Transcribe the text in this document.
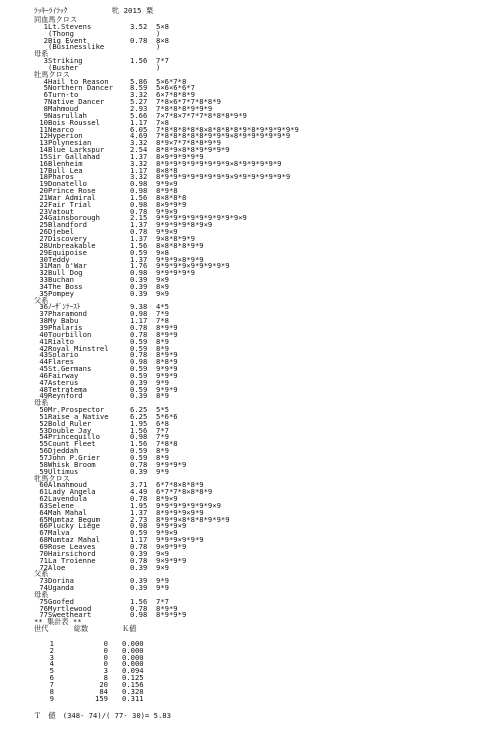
ﾗｯｷｰﾗｲﾗｯｸ	牝 2015 栗
同血馬クロス
1Lt.Stevens	3.52 5×8
(Thong	)
2Big Event	0.78 8×8
(Businesslike	)
母系
3Striking	1.56 7*7
(Busher	)
牡馬クロス
4Hail to Reason	5.86 5×6*7*8
5Northern Dancer 8.59 5×6×6*6*7
6Turn-to	3.32 6×7*8*8*9
7Native Dancer	5.27 7*8×6*7*7*8*8*9
8Mahmoud	2.93 7*8*8*8*9*9*9
9Nasrullah	5.66 7×7*8×7*7*7*8*8*8*9*9
10Bois Roussel	1.17 7×8
11Nearco	6.05 7*8*8*8*8*8×8*8*8*8*9*8*9*9*9*9*9
12Hyperion	4.69 7*8*8*8*8*8*9*9*9×8*9*9*9*9*9*9
13Polynesian	3.32 8*9×7*7*8*8*9*9
14Blue Larkspur	2.54 8*8*9×8*8*9*9*9*9
15Sir Gallahad	1.37 8×9*9*9*9*9
16Blenheim	3.32 8*9*9*9*9*9*9*9*9×8*9*9*9*9*9
17Bull Lea	1.17 8×8*8
18Pharos	3.32 8*9*9*9*9*9*9*9*9×9*9*9*9*9*9*9
19Donatello	0.98 9*9×9
20Prince Rose	0.98 8*9*8
21War Admiral	1.56 8×8*8*8
22Fair Trial	0.98 8×9*9*9
23Vatout	0.78 9*9×9
24Gainsborough	2.15 9*9*9*9*9*9*9*9*9*9×9
25Blandford	1.37 9*9*9*9*8*9×9
26Djebel	0.78 9*9×9
27Discovery	1.37 9×8*8*9*9
28Unbreakable	1.56 8×8*8*8*9*9
29Equipoise	0.59 9×8
30Teddy	1.37 9*9*9×8*9*9
31Man o'War	1.76 9*9*9*9×9*9*9*9*9
32Bull Dog	0.98 9*9*9*9*9
33Buchan	0.39 9×9
34The Boss	0.39 8×9
35Pompey	0.39 9×9
父系
36ﾉｰｻﾞﾝﾃｰｽﾄ	9.38 4*5
37Pharamond	0.98 7*9
38My Babu	1.17 7*8
39Phalaris	0.78 8*9*9
40Tourbillon	0.78 8*9*9
41Rialto	0.59 8*9
42Royal Minstrel	0.59 8*9
43Solario	0.78 8*9*9
44Flares	0.98 8*8*9
45St.Germans	0.59 9*9*9
46Fairway	0.59 9*9*9
47Asterus	0.39 9*9
48Tetratema	0.59 9*9*9
49Reynford	0.39 8*9
母系
50Mr.Prospector	6.25 5*5
51Raise a Native	6.25 5*6*6
52Bold Ruler	1.95 6*8
53Double Jay	1.56 7*7
54Princequillo	0.98 7*9
55Count Fleet	1.56 7*8*8
56Djeddah	0.59 8*9
57John P.Grier	0.59 8*9
58Whisk Broom	0.78 9*9*9*9
59Ultimus	0.39 9*9
牝馬クロス
60Almahmoud	3.71 6*7*8×8*8*9
61Lady Angela	4.49 6*7*7*8×8*8*9
62Lavendula	0.78 8*9×9
63Selene	1.95 9*9*9*9*9*9*9×9
64Mah Mahal	1.37 8*9*9*9×9*9
65Mumtaz Begum	2.73 8*9*9×8*8*8*9*9*9
66Plucky Liege	0.98 9*9*9×9
67Malva	0.59 9*9×9
68Mumtaz Mahal	1.17 9*9*9×9*9*9
69Rose Leaves	0.78 9×9*9*9
70Hairsichord	0.39 9×9
71La Troienne	0.78 9×9*9*9
72Aloe	0.39 9×9
父系
73Dorina	0.39 9*9
74Uganda	0.39 9*9
母系
75Goofed	1.56 7*7
76Myrtlewood	0.78 8*9*9
77Sweetheart	0.98 8*9*9*9
** 集計表 **
世代	総数	Ｋ値
1	0 0.000
2	0 0.000
3	0 0.000
4	0 0.000
5	3 0.094
6	8 0.125
7	20 0.156
8	84 0.328
9	159 0.311
Ｔ　値　(348- 74)/( 77- 30)= 5.83
